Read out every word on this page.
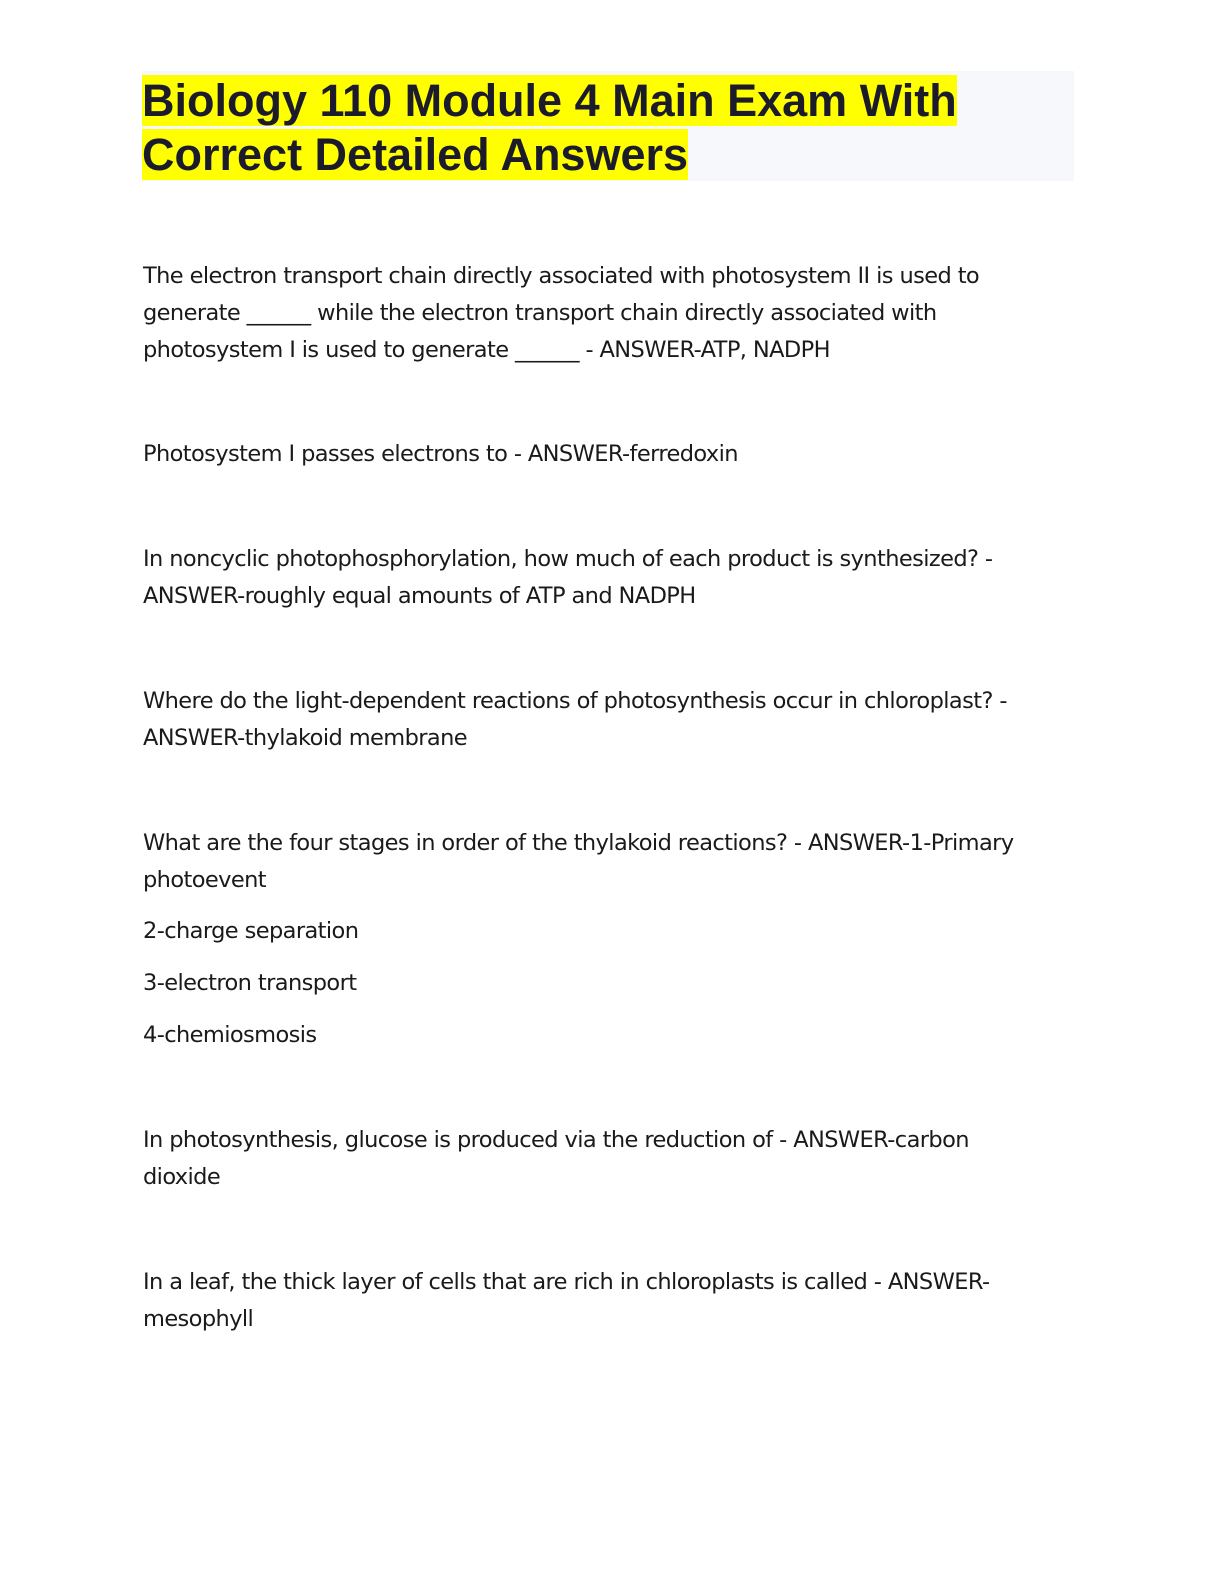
Biology 110 Module 4 Main Exam With
Correct Detailed Answers

The electron transport chain directly associated with photosystem II is used to
generate ______ while the electron transport chain directly associated with
photosystem I is used to generate ______ - ANSWER-ATP, NADPH

Photosystem I passes electrons to - ANSWER-ferredoxin

In noncyclic photophosphorylation, how much of each product is synthesized? -
ANSWER-roughly equal amounts of ATP and NADPH

Where do the light-dependent reactions of photosynthesis occur in chloroplast? -
ANSWER-thylakoid membrane

What are the four stages in order of the thylakoid reactions? - ANSWER-1-Primary
photoevent

2-charge separation

3-electron transport

4-chemiosmosis

In photosynthesis, glucose is produced via the reduction of - ANSWER-carbon
dioxide

In a leaf, the thick layer of cells that are rich in chloroplasts is called - ANSWER-
mesophyll
